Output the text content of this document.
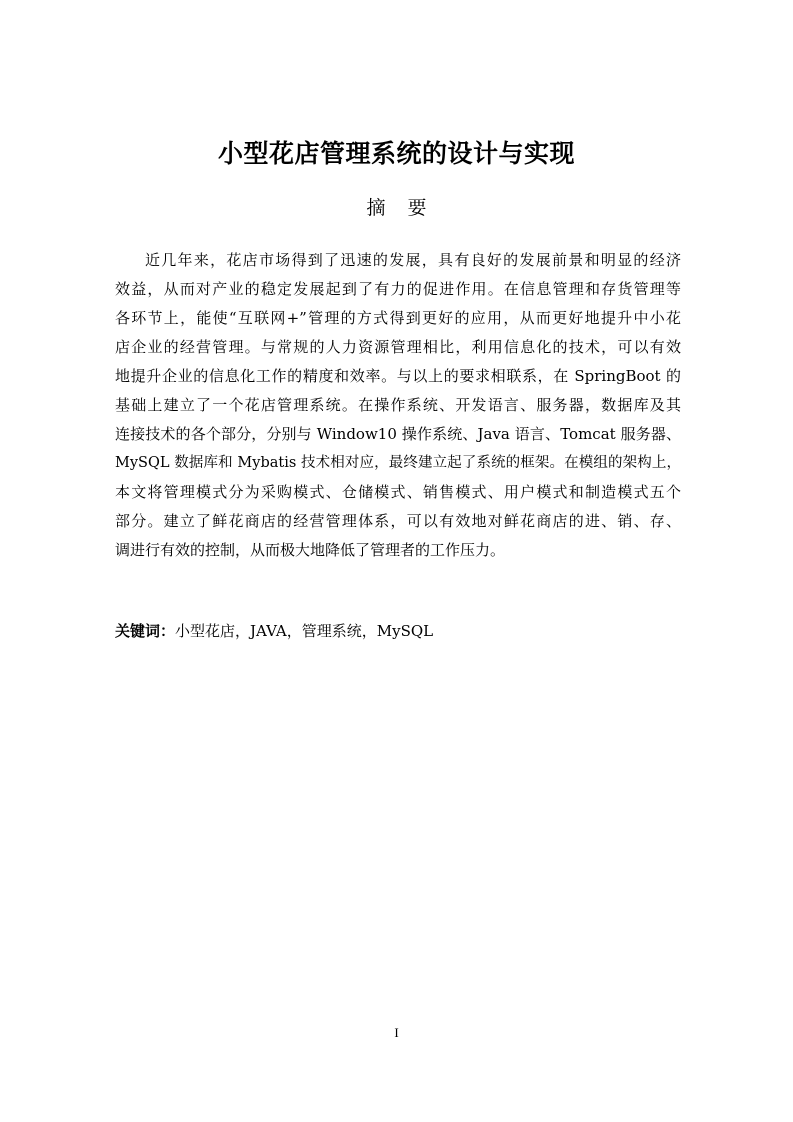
小型花店管理系统的设计与实现
摘 要
近几年来，花店市场得到了迅速的发展，具有良好的发展前景和明显的经济
效益，从而对产业的稳定发展起到了有力的促进作用。在信息管理和存货管理等
各环节上，能使“互联网+”管理的方式得到更好的应用，从而更好地提升中小花
店企业的经营管理。与常规的人力资源管理相比，利用信息化的技术，可以有效
地提升企业的信息化工作的精度和效率。与以上的要求相联系，在 SpringBoot 的
基础上建立了一个花店管理系统。在操作系统、开发语言、服务器，数据库及其
连接技术的各个部分，分别与 Window10 操作系统、Java 语言、Tomcat 服务器、
MySQL 数据库和 Mybatis 技术相对应，最终建立起了系统的框架。在模组的架构上，
本文将管理模式分为采购模式、仓储模式、销售模式、用户模式和制造模式五个
部分。建立了鲜花商店的经营管理体系，可以有效地对鲜花商店的进、销、存、
调进行有效的控制，从而极大地降低了管理者的工作压力。
关键词：小型花店，JAVA，管理系统，MySQL
I
